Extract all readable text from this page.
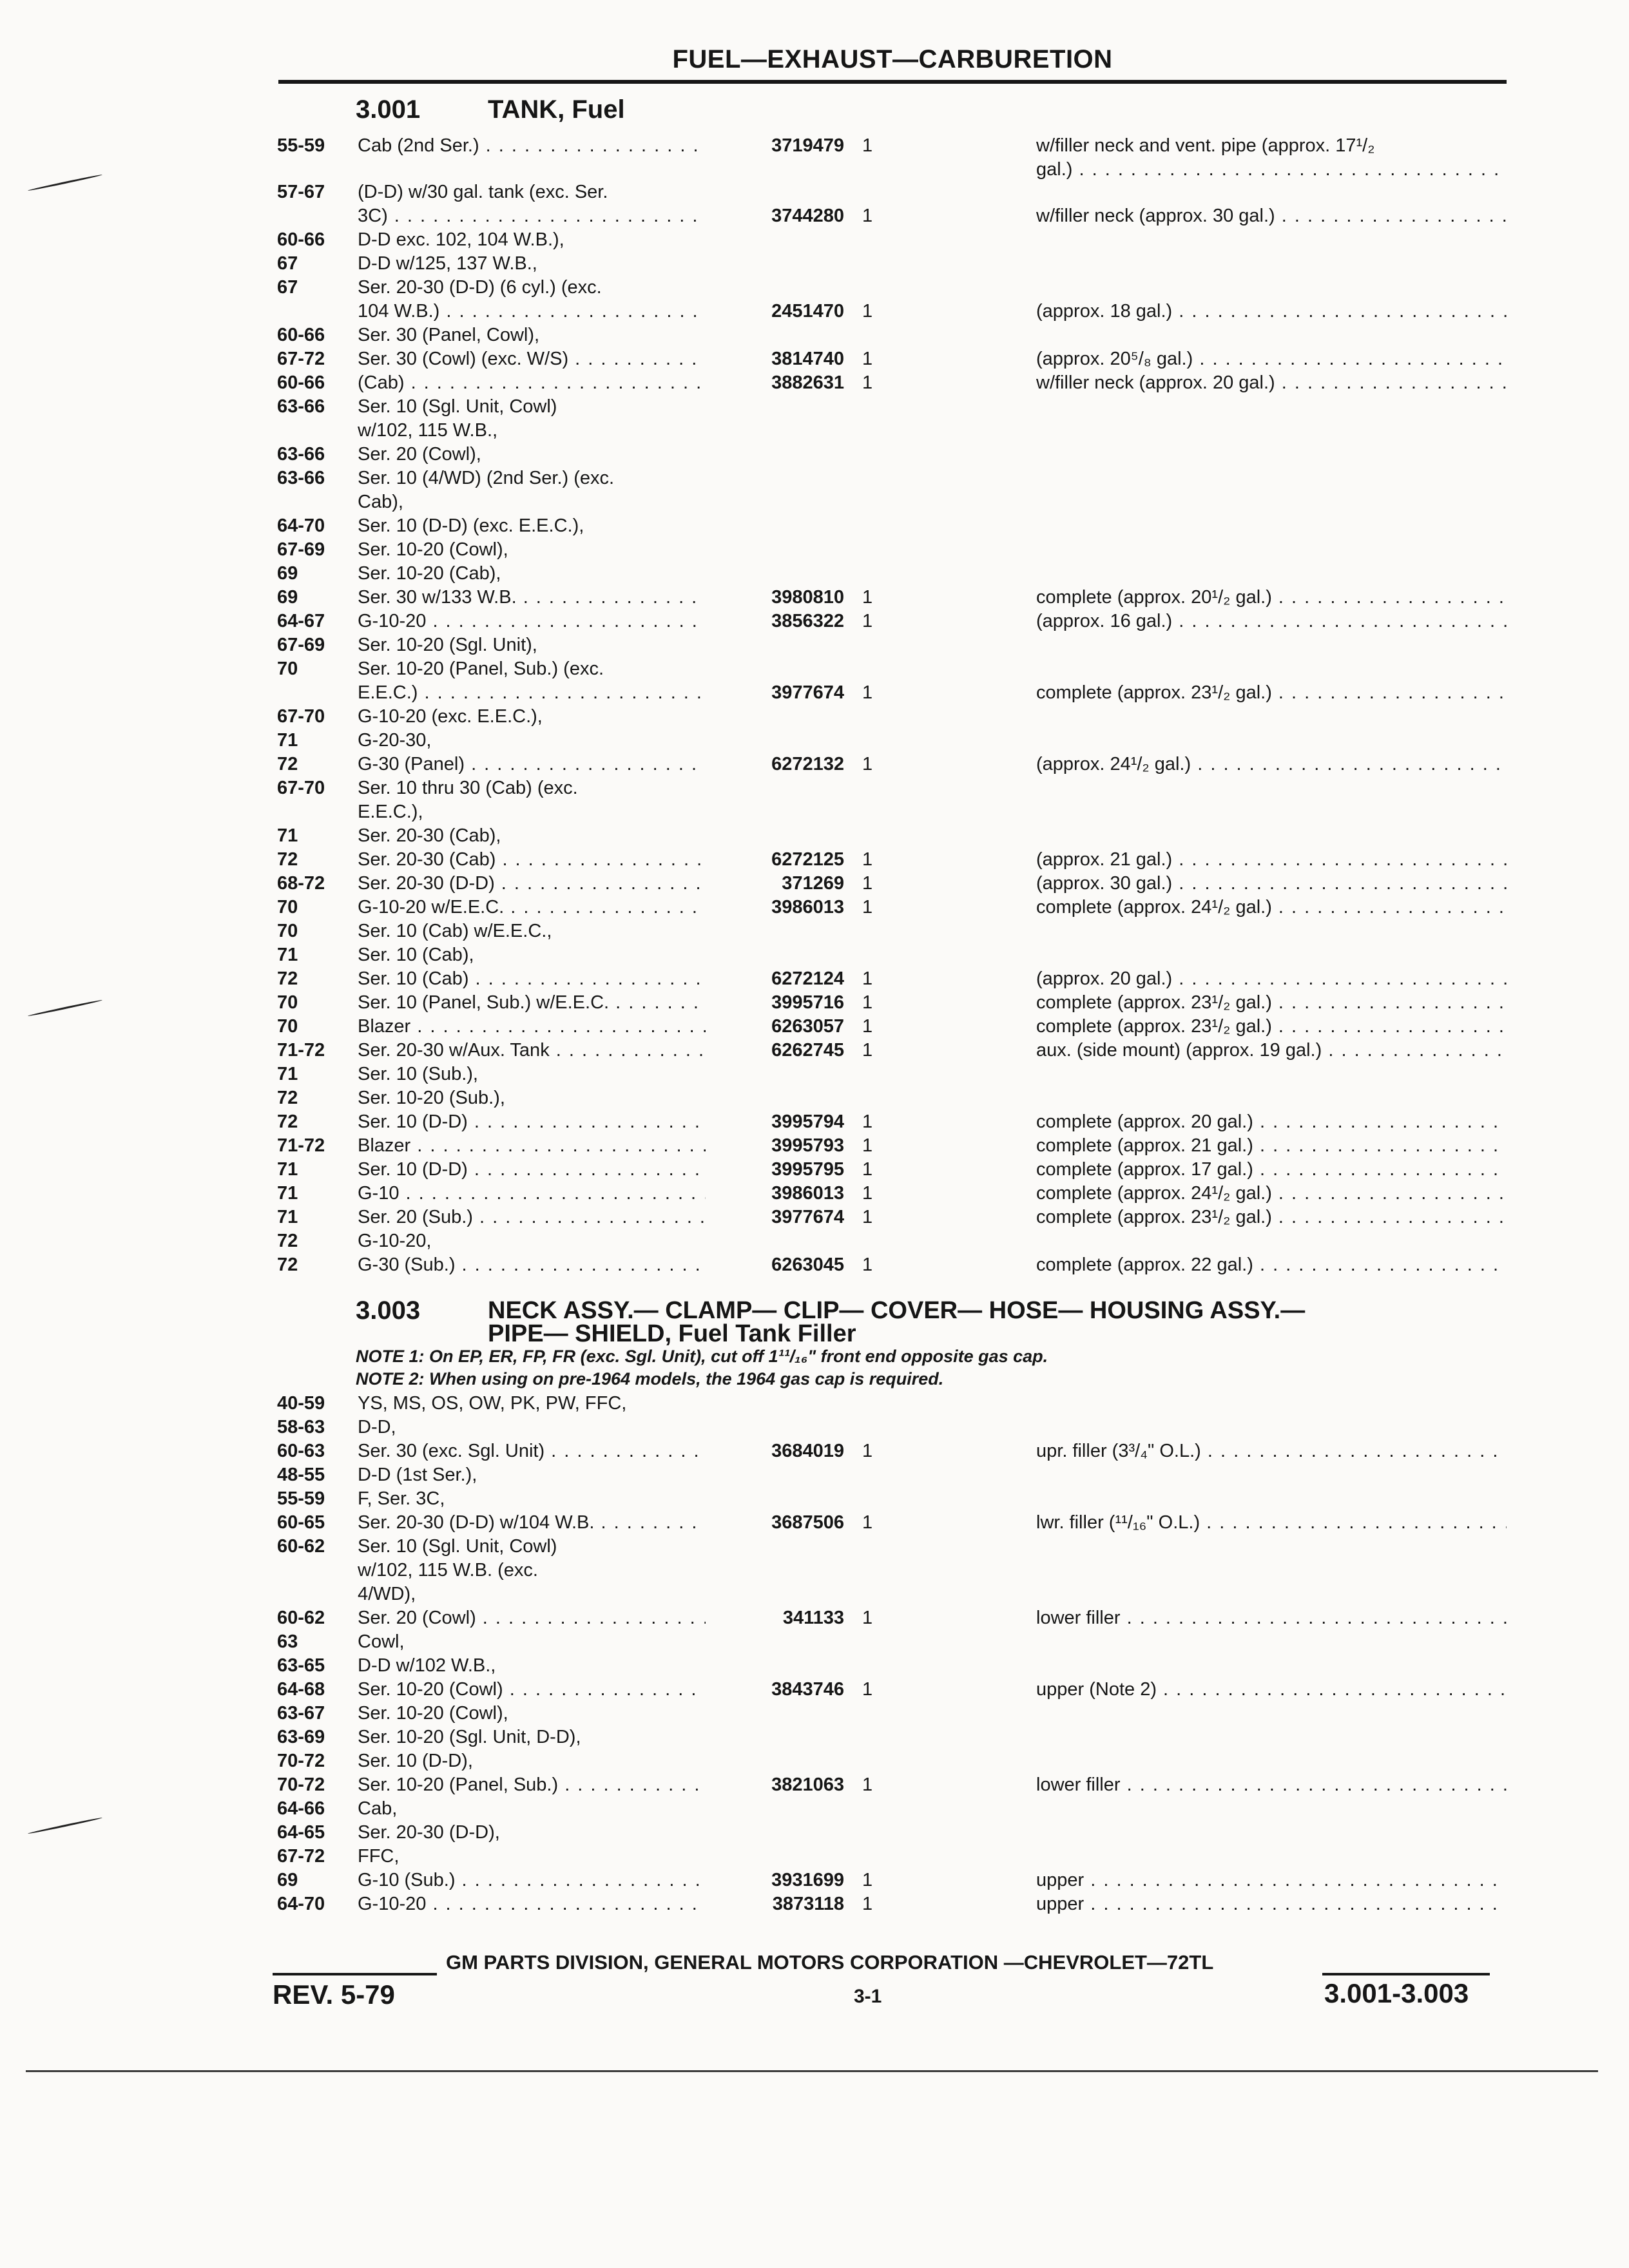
FUEL—EXHAUST—CARBURETION
3.001	TANK, Fuel
3.003	NECK ASSY.— CLAMP— CLIP— COVER— HOSE— HOUSING ASSY.—
PIPE— SHIELD, Fuel Tank Filler
NOTE 1: On EP, ER, FP, FR (exc. Sgl. Unit), cut off 1¹¹/₁₆" front end opposite gas cap.
NOTE 2: When using on pre-1964 models, the 1964 gas cap is required.
55-59 Cab (2nd Ser.) . . .	3719479 1	w/filler neck and vent. pipe (approx. 17¹/₂
gal.) . . .
57-67 (D-D) w/30 gal. tank (exc. Ser.
3C) . . .	3744280 1	w/filler neck (approx. 30 gal.) . . .
60-66 D-D exc. 102, 104 W.B.),
67	D-D w/125, 137 W.B.,
67	Ser. 20-30 (D-D) (6 cyl.) (exc.
104 W.B.) . . .	2451470 1	(approx. 18 gal.) . . .
60-66 Ser. 30 (Panel, Cowl),
67-72 Ser. 30 (Cowl) (exc. W/S) . . .	3814740 1	(approx. 20⁵/₈ gal.) . . .
60-66 (Cab) . . .	3882631 1	w/filler neck (approx. 20 gal.) . . .
63-66 Ser. 10 (Sgl. Unit, Cowl)
w/102, 115 W.B.,
63-66 Ser. 20 (Cowl),
63-66 Ser. 10 (4/WD) (2nd Ser.) (exc.
Cab),
64-70 Ser. 10 (D-D) (exc. E.E.C.),
67-69 Ser. 10-20 (Cowl),
69	Ser. 10-20 (Cab),
69	Ser. 30 w/133 W.B. . . .	3980810 1	complete (approx. 20¹/₂ gal.) . . .
64-67 G-10-20 . . .	3856322 1	(approx. 16 gal.) . . .
67-69 Ser. 10-20 (Sgl. Unit),
70	Ser. 10-20 (Panel, Sub.) (exc.
E.E.C.) . . .	3977674 1	complete (approx. 23¹/₂ gal.) . . .
67-70 G-10-20 (exc. E.E.C.),
71	G-20-30,
72	G-30 (Panel) . . .	6272132 1	(approx. 24¹/₂ gal.) . . .
67-70 Ser. 10 thru 30 (Cab) (exc.
E.E.C.),
71	Ser. 20-30 (Cab),
72	Ser. 20-30 (Cab) . . .	6272125 1	(approx. 21 gal.) . . .
68-72 Ser. 20-30 (D-D) . . .	371269 1	(approx. 30 gal.) . . .
70	G-10-20 w/E.E.C. . . .	3986013 1	complete (approx. 24¹/₂ gal.) . . .
70	Ser. 10 (Cab) w/E.E.C.,
71	Ser. 10 (Cab),
72	Ser. 10 (Cab) . . .	6272124 1	(approx. 20 gal.) . . .
70	Ser. 10 (Panel, Sub.) w/E.E.C. . . .	3995716 1	complete (approx. 23¹/₂ gal.) . . .
70	Blazer . . .	6263057 1	complete (approx. 23¹/₂ gal.) . . .
71-72 Ser. 20-30 w/Aux. Tank . . .	6262745 1	aux. (side mount) (approx. 19 gal.) . . .
71	Ser. 10 (Sub.),
72	Ser. 10-20 (Sub.),
72	Ser. 10 (D-D) . . .	3995794 1	complete (approx. 20 gal.) . . .
71-72 Blazer . . .	3995793 1	complete (approx. 21 gal.) . . .
71	Ser. 10 (D-D) . . .	3995795 1	complete (approx. 17 gal.) . . .
71	G-10 . . .	3986013 1	complete (approx. 24¹/₂ gal.) . . .
71	Ser. 20 (Sub.) . . .	3977674 1	complete (approx. 23¹/₂ gal.) . . .
72	G-10-20,
72	G-30 (Sub.) . . .	6263045 1	complete (approx. 22 gal.) . . .
40-59 YS, MS, OS, OW, PK, PW, FFC,
58-63 D-D,
60-63 Ser. 30 (exc. Sgl. Unit) . . .	3684019 1	upr. filler (3³/₄" O.L.) . . .
48-55 D-D (1st Ser.),
55-59 F, Ser. 3C,
60-65 Ser. 20-30 (D-D) w/104 W.B. . . .	3687506 1	lwr. filler (¹¹/₁₆" O.L.) . . .
60-62 Ser. 10 (Sgl. Unit, Cowl)
w/102, 115 W.B. (exc.
4/WD),
60-62 Ser. 20 (Cowl) . . .	341133 1	lower filler . . .
63	Cowl,
63-65 D-D w/102 W.B.,
64-68 Ser. 10-20 (Cowl) . . .	3843746 1	upper (Note 2) . . .
63-67 Ser. 10-20 (Cowl),
63-69 Ser. 10-20 (Sgl. Unit, D-D),
70-72 Ser. 10 (D-D),
70-72 Ser. 10-20 (Panel, Sub.) . . .	3821063 1	lower filler . . .
64-66 Cab,
64-65 Ser. 20-30 (D-D),
67-72 FFC,
69	G-10 (Sub.) . . .	3931699 1	upper . . .
64-70 G-10-20 . . .	3873118 1	upper . . .
GM PARTS DIVISION, GENERAL MOTORS CORPORATION —CHEVROLET—72TL
REV. 5-79	3-1	3.001-3.003
